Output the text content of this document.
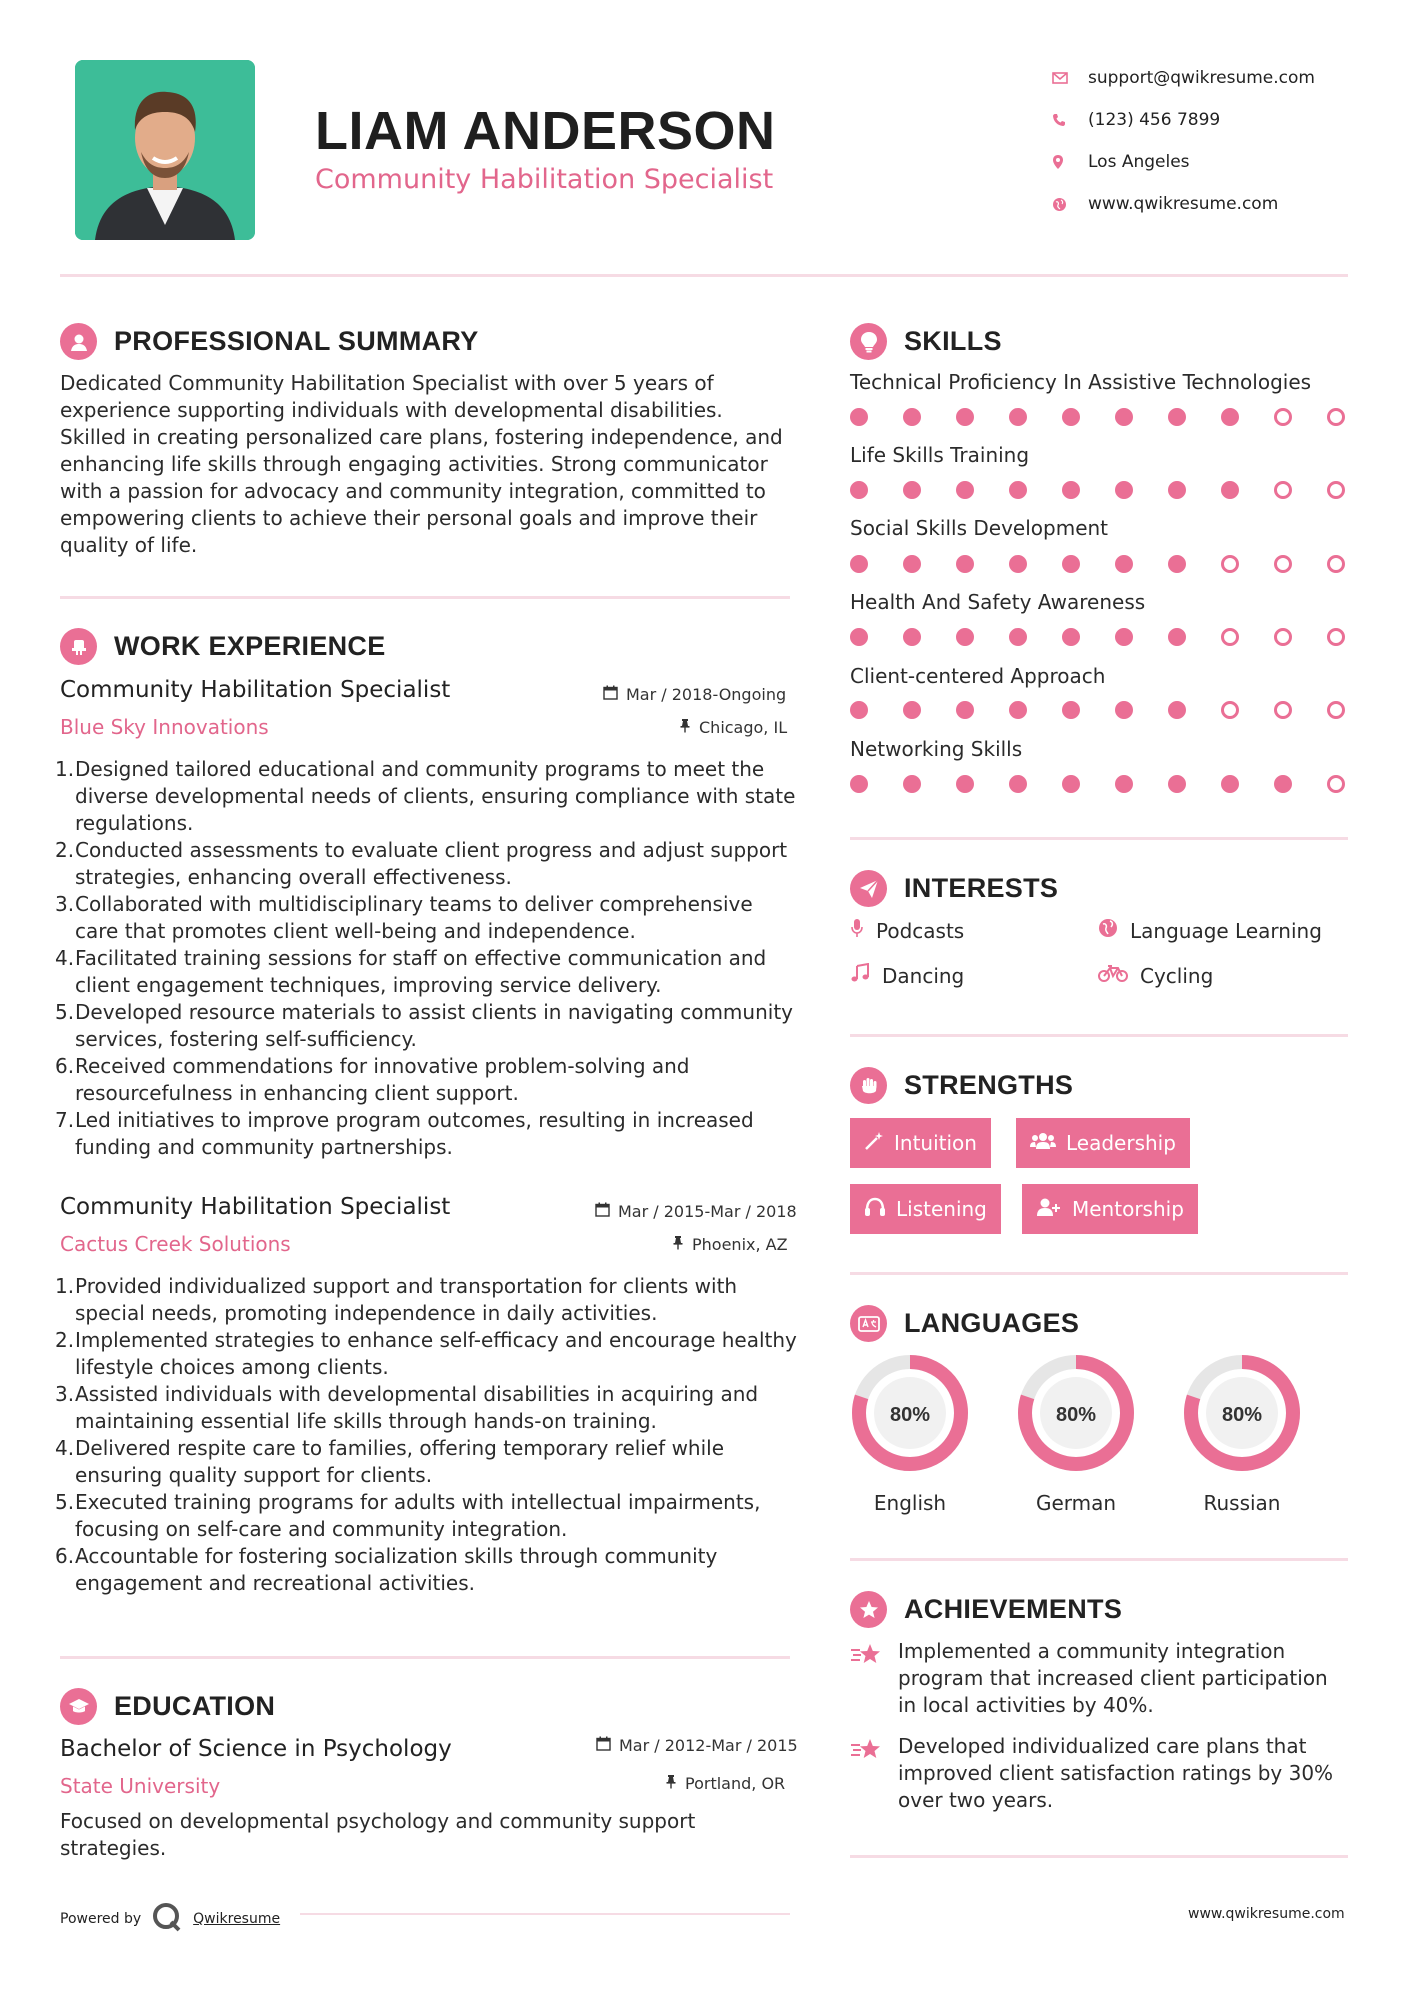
LIAM ANDERSON
Community Habilitation Specialist
support@qwikresume.com
(123) 456 7899
Los Angeles
www.qwikresume.com
PROFESSIONAL SUMMARY
Dedicated Community Habilitation Specialist with over 5 years of experience supporting individuals with developmental disabilities. Skilled in creating personalized care plans, fostering independence, and enhancing life skills through engaging activities. Strong communicator with a passion for advocacy and community integration, committed to empowering clients to achieve their personal goals and improve their quality of life.
WORK EXPERIENCE
Community Habilitation Specialist	Mar / 2018-Ongoing
Blue Sky Innovations	Chicago, IL
1. Designed tailored educational and community programs to meet the diverse developmental needs of clients, ensuring compliance with state regulations.
2. Conducted assessments to evaluate client progress and adjust support strategies, enhancing overall effectiveness.
3. Collaborated with multidisciplinary teams to deliver comprehensive care that promotes client well-being and independence.
4. Facilitated training sessions for staff on effective communication and client engagement techniques, improving service delivery.
5. Developed resource materials to assist clients in navigating community services, fostering self-sufficiency.
6. Received commendations for innovative problem-solving and resourcefulness in enhancing client support.
7. Led initiatives to improve program outcomes, resulting in increased funding and community partnerships.
Community Habilitation Specialist	Mar / 2015-Mar / 2018
Cactus Creek Solutions	Phoenix, AZ
1. Provided individualized support and transportation for clients with special needs, promoting independence in daily activities.
2. Implemented strategies to enhance self-efficacy and encourage healthy lifestyle choices among clients.
3. Assisted individuals with developmental disabilities in acquiring and maintaining essential life skills through hands-on training.
4. Delivered respite care to families, offering temporary relief while ensuring quality support for clients.
5. Executed training programs for adults with intellectual impairments, focusing on self-care and community integration.
6. Accountable for fostering socialization skills through community engagement and recreational activities.
EDUCATION
Bachelor of Science in Psychology	Mar / 2012-Mar / 2015
State University	Portland, OR
Focused on developmental psychology and community support strategies.
Powered by	Qwikresume
SKILLS
Technical Proficiency In Assistive Technologies
Life Skills Training
Social Skills Development
Health And Safety Awareness
Client-centered Approach
Networking Skills
INTERESTS
Podcasts	Language Learning
Dancing	Cycling
STRENGTHS
Intuition	Leadership
Listening	Mentorship
LANGUAGES
80%
English
80%
German
80%
Russian
ACHIEVEMENTS
Implemented a community integration program that increased client participation in local activities by 40%.
Developed individualized care plans that improved client satisfaction ratings by 30% over two years.
www.qwikresume.com
